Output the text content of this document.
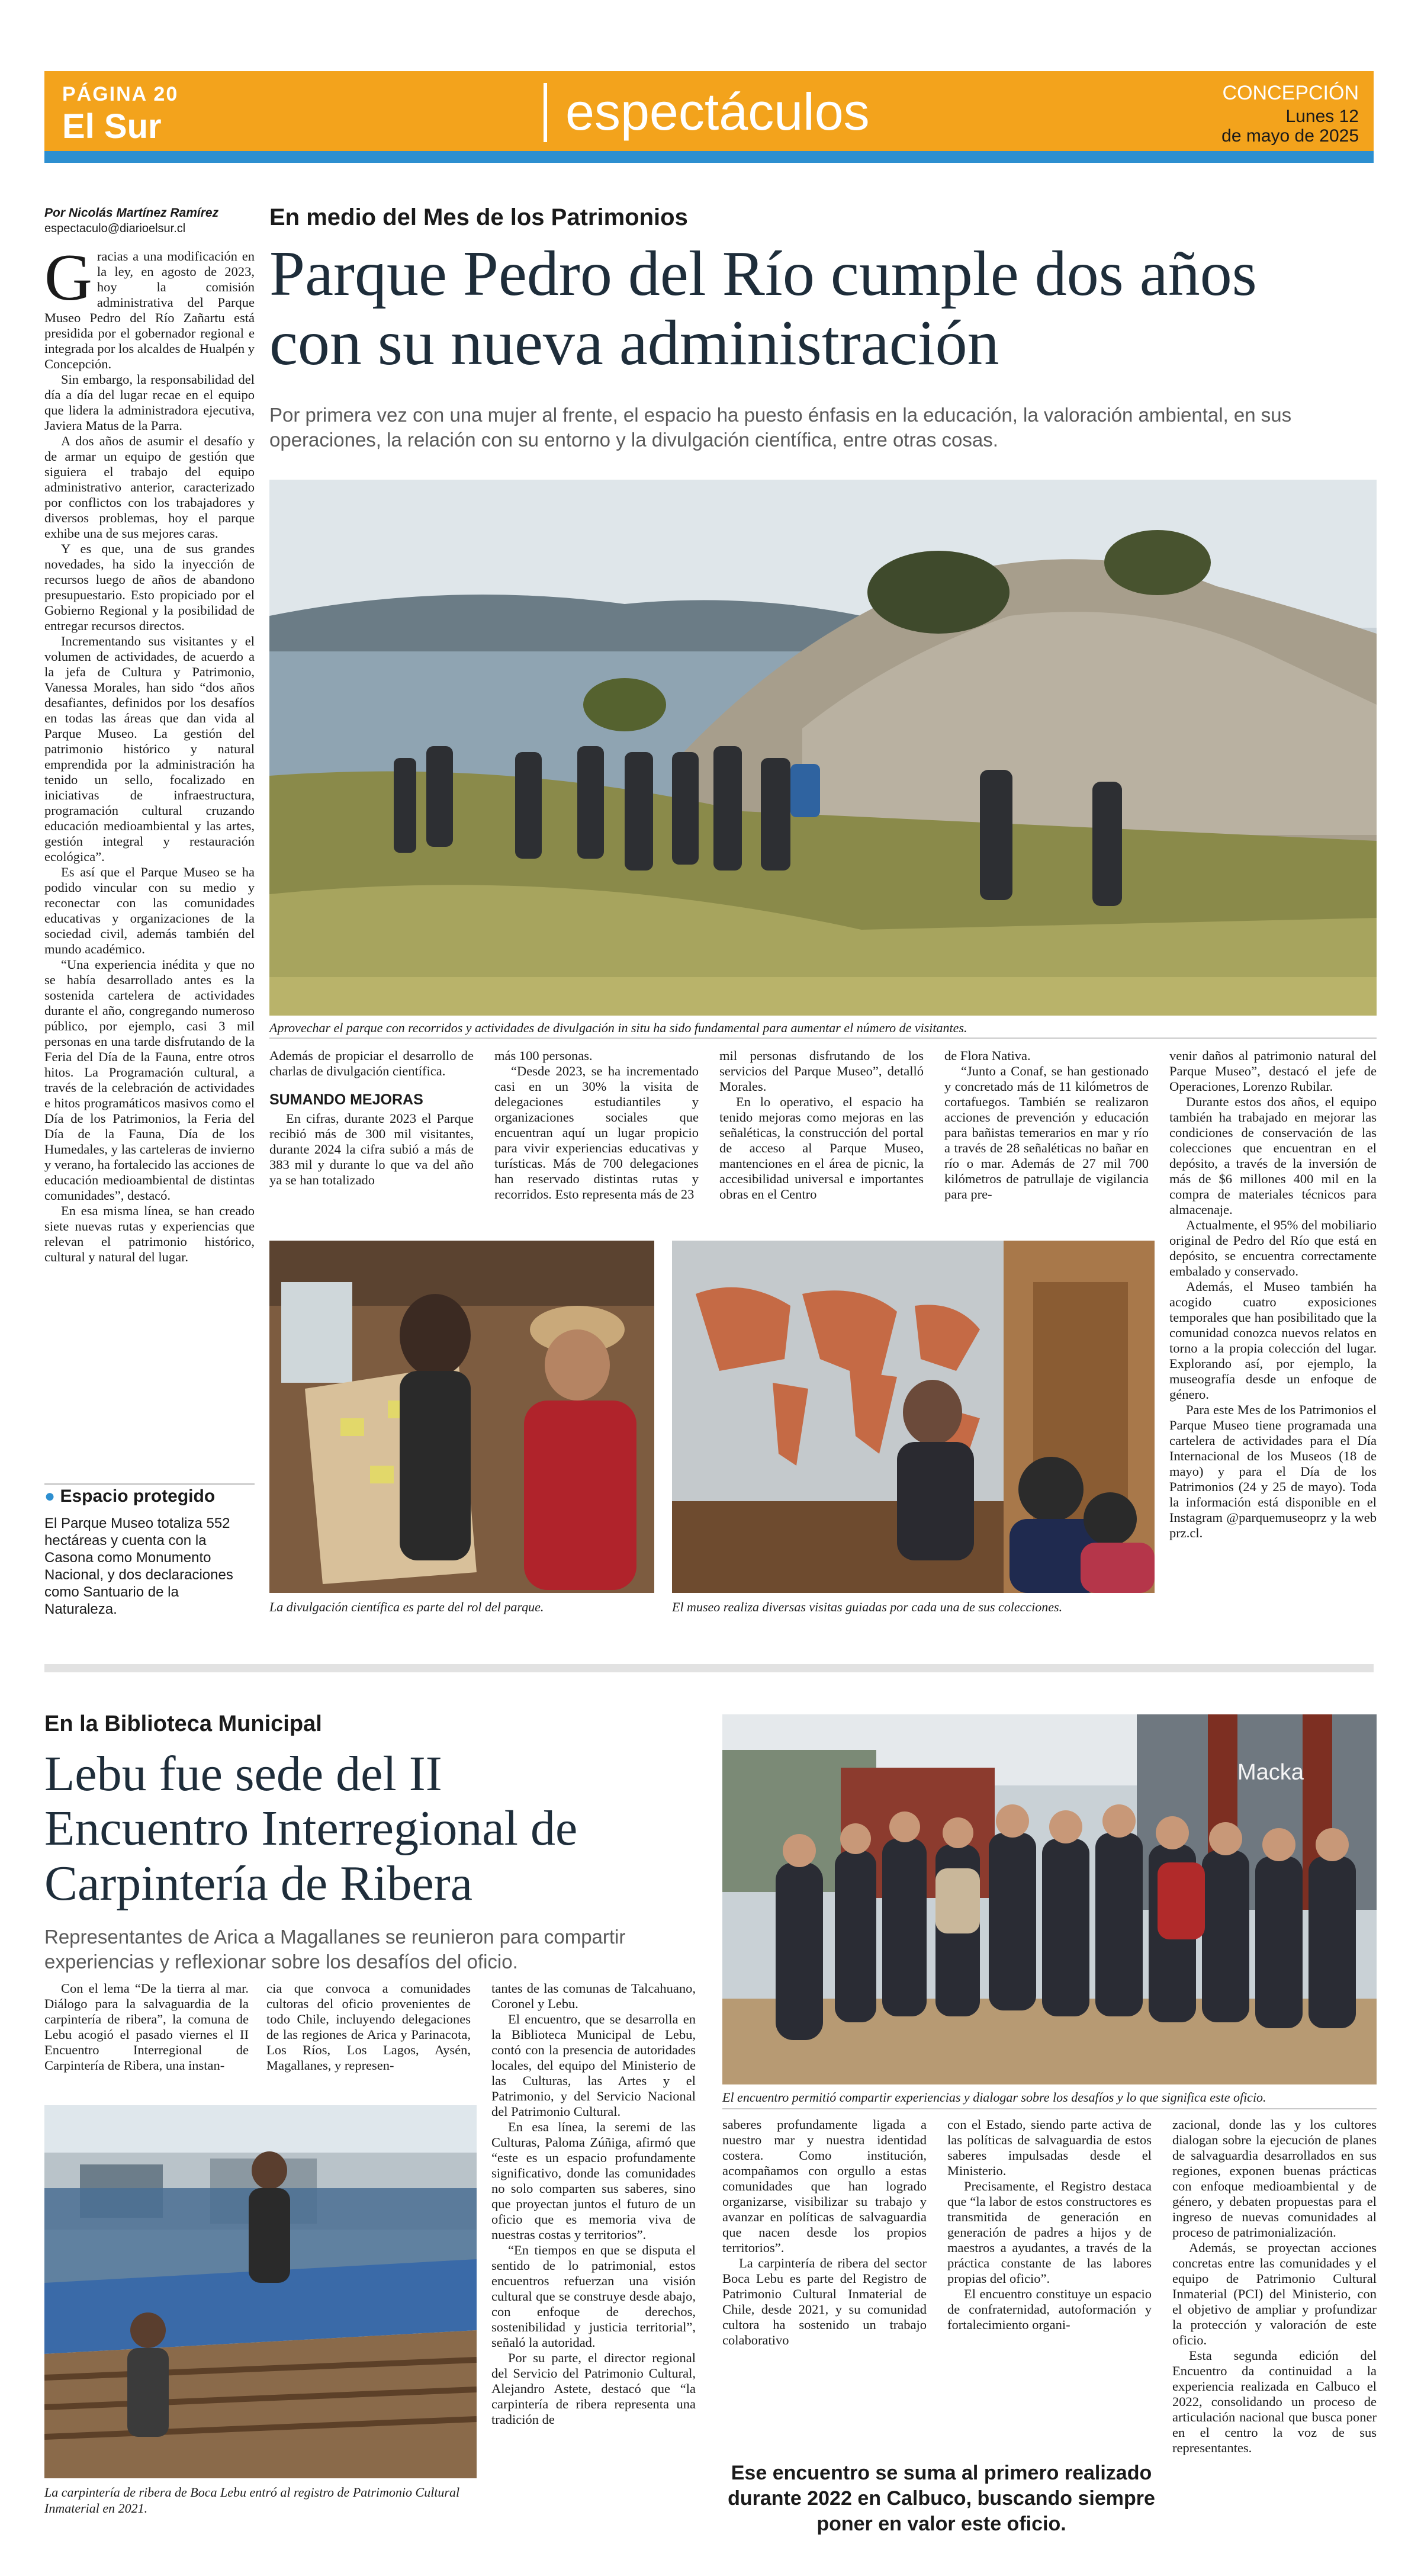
PÁGINA 20
El Sur	espectáculos	CONCEPCIÓN
Lunes 12
de mayo de 2025
Por Nicolás Martínez Ramírez
espectaculo@diarioelsur.cl	En medio del Mes de los Patrimonios
Parque Pedro del Río cumple dos años
con su nueva administración
Por primera vez con una mujer al frente, el espacio ha puesto énfasis en la educación, la valoración ambiental, en sus operaciones, la relación con su entorno y la divulgación científica, entre otras cosas.
G racias a una modificación en la ley, en agosto de 2023, hoy la comisión administrativa del Parque Museo Pedro del Río Zañartu está presidida por el gobernador regional e integrada por los alcaldes de Hualpén y Concepción.

Sin embargo, la responsabilidad del día a día del lugar recae en el equipo que lidera la administradora ejecutiva, Javiera Matus de la Parra.

A dos años de asumir el desafío y de armar un equipo de gestión que siguiera el trabajo del equipo administrativo anterior, caracterizado por conflictos con los trabajadores y diversos problemas, hoy el parque exhibe una de sus mejores caras.

Y es que, una de sus grandes novedades, ha sido la inyección de recursos luego de años de abandono presupuestario. Esto propiciado por el Gobierno Regional y la posibilidad de entregar recursos directos.

Incrementando sus visitantes y el volumen de actividades, de acuerdo a la jefa de Cultura y Patrimonio, Vanessa Morales, han sido “dos años desafiantes, definidos por los desafíos en todas las áreas que dan vida al Parque Museo. La gestión del patrimonio histórico y natural emprendida por la administración ha tenido un sello, focalizado en iniciativas de infraestructura, programación cultural cruzando educación medioambiental y las artes, gestión integral y restauración ecológica”.

Es así que el Parque Museo se ha podido vincular con su medio y reconectar con las comunidades educativas y organizaciones de la sociedad civil, además también del mundo académico.

“Una experiencia inédita y que no se había desarrollado antes es la sostenida cartelera de actividades durante el año, congregando numeroso público, por ejemplo, casi 3 mil personas en una tarde disfrutando de la Feria del Día de la Fauna, entre otros hitos. La Programación cultural, a través de la celebración de actividades e hitos programáticos masivos como el Día de los Patrimonios, la Feria del Día de la Fauna, Día de los Humedales, y las carteleras de invierno y verano, ha fortalecido las acciones de educación medioambiental de distintas comunidades”, destacó.

En esa misma línea, se han creado siete nuevas rutas y experiencias que relevan el patrimonio histórico, cultural y natural del lugar.

● Espacio protegido
El Parque Museo totaliza 552 hectáreas y cuenta con la Casona como Monumento Nacional, y dos declaraciones como Santuario de la Naturaleza.
Aprovechar el parque con recorridos y actividades de divulgación in situ ha sido fundamental para aumentar el número de visitantes.

Además de propiciar el desarrollo de charlas de divulgación científica.

SUMANDO MEJORAS

En cifras, durante 2023 el Parque recibió más de 300 mil visitantes, durante 2024 la cifra subió a más de 383 mil y durante lo que va del año ya se han totalizado

más 100 personas.

“Desde 2023, se ha incrementado casi en un 30% la visita de delegaciones estudiantiles y organizaciones sociales que encuentran aquí un lugar propicio para vivir experiencias educativas y turísticas. Más de 700 delegaciones han reservado distintas rutas y recorridos. Esto representa más de 23

mil personas disfrutando de los servicios del Parque Museo”, detalló Morales.

En lo operativo, el espacio ha tenido mejoras como mejoras en las señaléticas, la construcción del portal de acceso al Parque Museo, mantenciones en el área de picnic, la accesibilidad universal e importantes obras en el Centro

de Flora Nativa.

“Junto a Conaf, se han gestionado y concretado más de 11 kilómetros de cortafuegos. También se realizaron acciones de prevención y educación para bañistas temerarios en mar y río a través de 28 señaléticas no bañar en río o mar. Además de 27 mil 700 kilómetros de patrullaje de vigilancia para pre-

venir daños al patrimonio natural del Parque Museo”, destacó el jefe de Operaciones, Lorenzo Rubilar.

Durante estos dos años, el equipo también ha trabajado en mejorar las condiciones de conservación de las colecciones que encuentran en el depósito, a través de la inversión de más de $6 millones 400 mil en la compra de materiales técnicos para almacenaje.

Actualmente, el 95% del mobiliario original de Pedro del Río que está en depósito, se encuentra correctamente embalado y conservado.

Además, el Museo también ha acogido cuatro exposiciones temporales que han posibilitado que la comunidad conozca nuevos relatos en torno a la propia colección del lugar. Explorando así, por ejemplo, la museografía desde un enfoque de género.

Para este Mes de los Patrimonios el Parque Museo tiene programada una cartelera de actividades para el Día Internacional de los Museos (18 de mayo) y para el Día de los Patrimonios (24 y 25 de mayo). Toda la información está disponible en el Instagram @parquemuseoprz y la web prz.cl.

La divulgación científica es parte del rol del parque.	El museo realiza diversas visitas guiadas por cada una de sus colecciones.
En la Biblioteca Municipal
Lebu fue sede del II
Encuentro Interregional de
Carpintería de Ribera
Representantes de Arica a Magallanes se reunieron para compartir experiencias y reflexionar sobre los desafíos del oficio.

Con el lema “De la tierra al mar. Diálogo para la salvaguardia de la carpintería de ribera”, la comuna de Lebu acogió el pasado viernes el II Encuentro Interregional de Carpintería de Ribera, una instan-

cia que convoca a comunidades cultoras del oficio provenientes de todo Chile, incluyendo delegaciones de las regiones de Arica y Parinacota, Los Ríos, Los Lagos, Aysén, Magallanes, y represen-

tantes de las comunas de Talcahuano, Coronel y Lebu.

El encuentro, que se desarrolla en la Biblioteca Municipal de Lebu, contó con la presencia de autoridades locales, del equipo del Ministerio de las Culturas, las Artes y el Patrimonio, y del Servicio Nacional del Patrimonio Cultural.

En esa línea, la seremi de las Culturas, Paloma Zúñiga, afirmó que “este es un espacio profundamente significativo, donde las comunidades no solo comparten sus saberes, sino que proyectan juntos el futuro de un oficio que es memoria viva de nuestras costas y territorios”.

“En tiempos en que se disputa el sentido de lo patrimonial, estos encuentros refuerzan una visión cultural que se construye desde abajo, con enfoque de derechos, sostenibilidad y justicia territorial”, señaló la autoridad.

Por su parte, el director regional del Servicio del Patrimonio Cultural, Alejandro Astete, destacó que “la carpintería de ribera representa una tradición de

La carpintería de ribera de Boca Lebu entró al registro de Patrimonio Cultural Inmaterial en 2021.
Macka
El encuentro permitió compartir experiencias y dialogar sobre los desafíos y lo que significa este oficio.

saberes profundamente ligada a nuestro mar y nuestra identidad costera. Como institución, acompañamos con orgullo a estas comunidades que han logrado organizarse, visibilizar su trabajo y avanzar en políticas de salvaguardia que nacen desde los propios territorios”.

La carpintería de ribera del sector Boca Lebu es parte del Registro de Patrimonio Cultural Inmaterial de Chile, desde 2021, y su comunidad cultora ha sostenido un trabajo colaborativo

con el Estado, siendo parte activa de las políticas de salvaguardia de estos saberes impulsadas desde el Ministerio.

Precisamente, el Registro destaca que “la labor de estos constructores es transmitida de generación en generación de padres a hijos y de maestros a ayudantes, a través de la práctica constante de las labores propias del oficio”.

El encuentro constituye un espacio de confraternidad, autoformación y fortalecimiento organi-

zacional, donde las y los cultores dialogan sobre la ejecución de planes de salvaguardia desarrollados en sus regiones, exponen buenas prácticas con enfoque medioambiental y de género, y debaten propuestas para el ingreso de nuevas comunidades al proceso de patrimonialización.

Además, se proyectan acciones concretas entre las comunidades y el equipo de Patrimonio Cultural Inmaterial (PCI) del Ministerio, con el objetivo de ampliar y profundizar la protección y valoración de este oficio.

Esta segunda edición del Encuentro da continuidad a la experiencia realizada en Calbuco el 2022, consolidando un proceso de articulación nacional que busca poner en el centro la voz de sus representantes.

Ese encuentro se suma al primero realizado durante 2022 en Calbuco, buscando siempre poner en valor este oficio.
